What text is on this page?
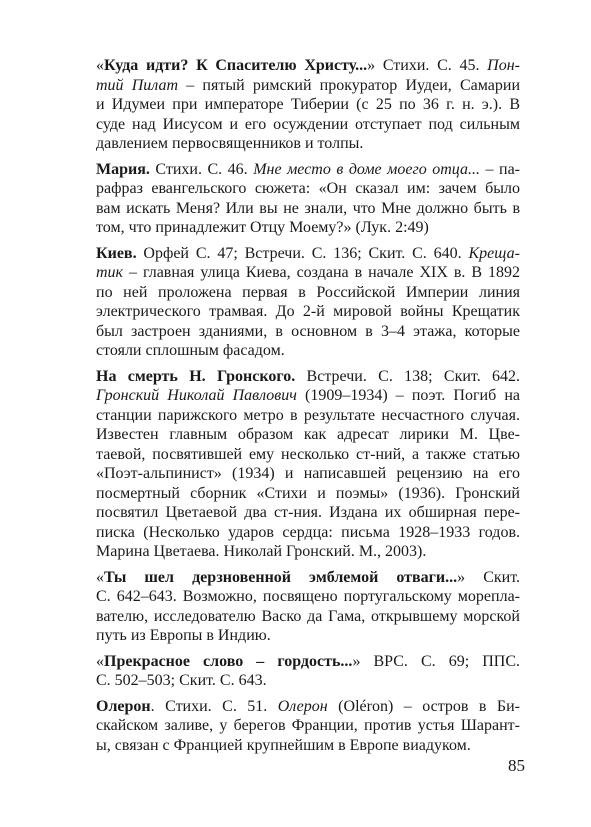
«Куда идти? К Спасителю Христу...» Стихи. С. 45. Пон-
тий Пилат – пятый римский прокуратор Иудеи, Самарии
и Идумеи при императоре Тиберии (с 25 по 36 г. н. э.). В
суде над Иисусом и его осуждении отступает под сильным
давлением первосвященников и толпы.
Мария. Стихи. С. 46. Мне место в доме моего отца... – па-
рафраз евангельского сюжета: «Он сказал им: зачем было
вам искать Меня? Или вы не знали, что Мне должно быть в
том, что принадлежит Отцу Моему?» (Лук. 2:49)
Киев. Орфей С. 47; Встречи. С. 136; Скит. С. 640. Креща-
тик – главная улица Киева, создана в начале XIX в. В 1892
по ней проложена первая в Российской Империи линия
электрического трамвая. До 2-й мировой войны Крещатик
был застроен зданиями, в основном в 3–4 этажа, которые
стояли сплошным фасадом.
На смерть Н. Гронского. Встречи. С. 138; Скит. 642.
Гронский Николай Павлович (1909–1934) – поэт. Погиб на
станции парижского метро в результате несчастного случая.
Известен главным образом как адресат лирики М. Цве-
таевой, посвятившей ему несколько ст-ний, а также статью
«Поэт-альпинист» (1934) и написавшей рецензию на его
посмертный сборник «Стихи и поэмы» (1936). Гронский
посвятил Цветаевой два ст-ния. Издана их обширная пере-
писка (Несколько ударов сердца: письма 1928–1933 годов.
Марина Цветаева. Николай Гронский. М., 2003).
«Ты шел дерзновенной эмблемой отваги...» Скит.
С. 642–643. Возможно, посвящено португальскому морепла-
вателю, исследователю Васко да Гама, открывшему морской
путь из Европы в Индию.
«Прекрасное слово – гордость...» ВРС. С. 69; ППС.
С. 502–503; Скит. С. 643.
Олерон. Стихи. С. 51. Олерон (Oléron) – остров в Би-
скайском заливе, у берегов Франции, против устья Шарант-
ы, связан с Францией крупнейшим в Европе виадуком.
85
